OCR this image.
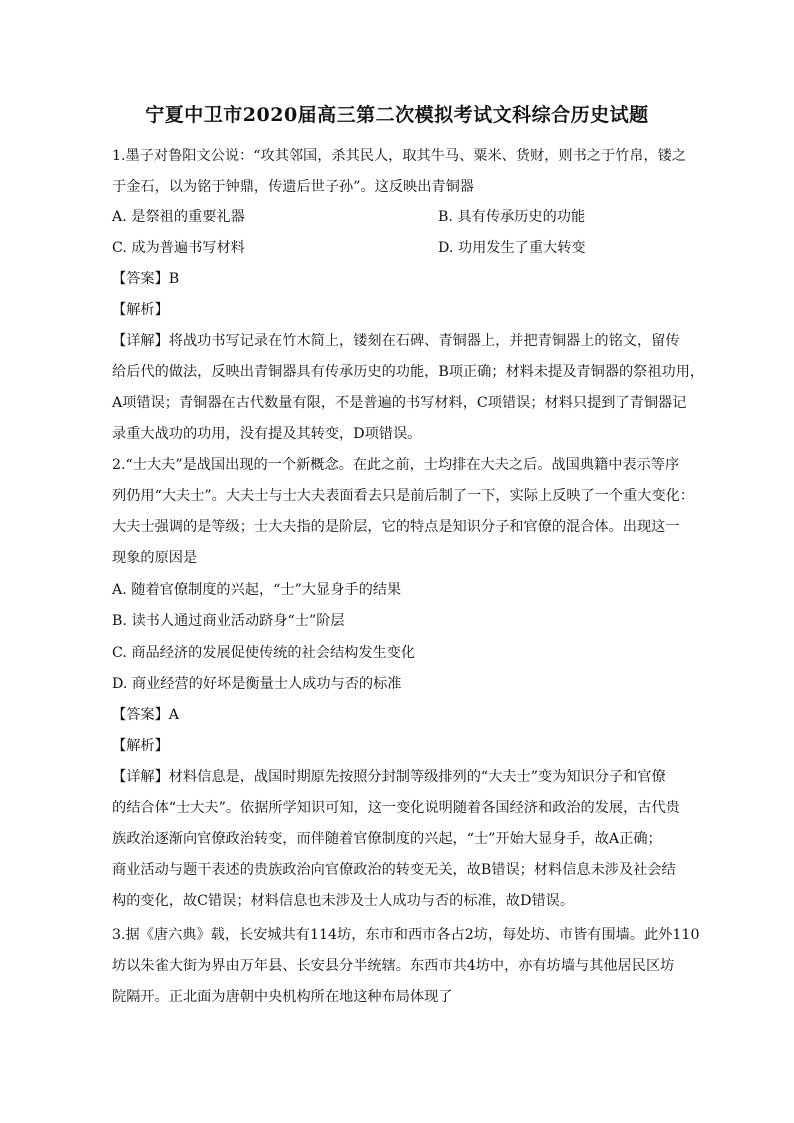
宁夏中卫市2020届高三第二次模拟考试文科综合历史试题
1.墨子对鲁阳文公说：“攻其邻国，杀其民人，取其牛马、粟米、货财，则书之于竹帛，镂之
于金石，以为铭于钟鼎，传遗后世子孙”。这反映出青铜器
A. 是祭祖的重要礼器	B. 具有传承历史的功能
C. 成为普遍书写材料	D. 功用发生了重大转变
【答案】B
【解析】
【详解】将战功书写记录在竹木简上，镂刻在石碑、青铜器上，并把青铜器上的铭文，留传
给后代的做法，反映出青铜器具有传承历史的功能，B项正确；材料未提及青铜器的祭祖功用，
A项错误；青铜器在古代数量有限，不是普遍的书写材料，C项错误；材料只提到了青铜器记
录重大战功的功用，没有提及其转变，D项错误。
2.“士大夫”是战国出现的一个新概念。在此之前，士均排在大夫之后。战国典籍中表示等序
列仍用“大夫士”。大夫士与士大夫表面看去只是前后制了一下，实际上反映了一个重大变化：
大夫士强调的是等级；士大夫指的是阶层，它的特点是知识分子和官僚的混合体。出现这一
现象的原因是
A. 随着官僚制度的兴起，“士”大显身手的结果
B. 读书人通过商业活动跻身“士”阶层
C. 商品经济的发展促使传统的社会结构发生变化
D. 商业经营的好坏是衡量士人成功与否的标准
【答案】A
【解析】
【详解】材料信息是，战国时期原先按照分封制等级排列的“大夫士”变为知识分子和官僚
的结合体“士大夫”。依据所学知识可知，这一变化说明随着各国经济和政治的发展，古代贵
族政治逐渐向官僚政治转变，而伴随着官僚制度的兴起，“士”开始大显身手，故A正确；
商业活动与题干表述的贵族政治向官僚政治的转变无关，故B错误；材料信息未涉及社会结
构的变化，故C错误；材料信息也未涉及士人成功与否的标准，故D错误。
3.据《唐六典》载，长安城共有114坊，东市和西市各占2坊，每处坊、市皆有围墙。此外110
坊以朱雀大街为界由万年县、长安县分半统辖。东西市共4坊中，亦有坊墙与其他居民区坊
院隔开。正北面为唐朝中央机构所在地这种布局体现了
